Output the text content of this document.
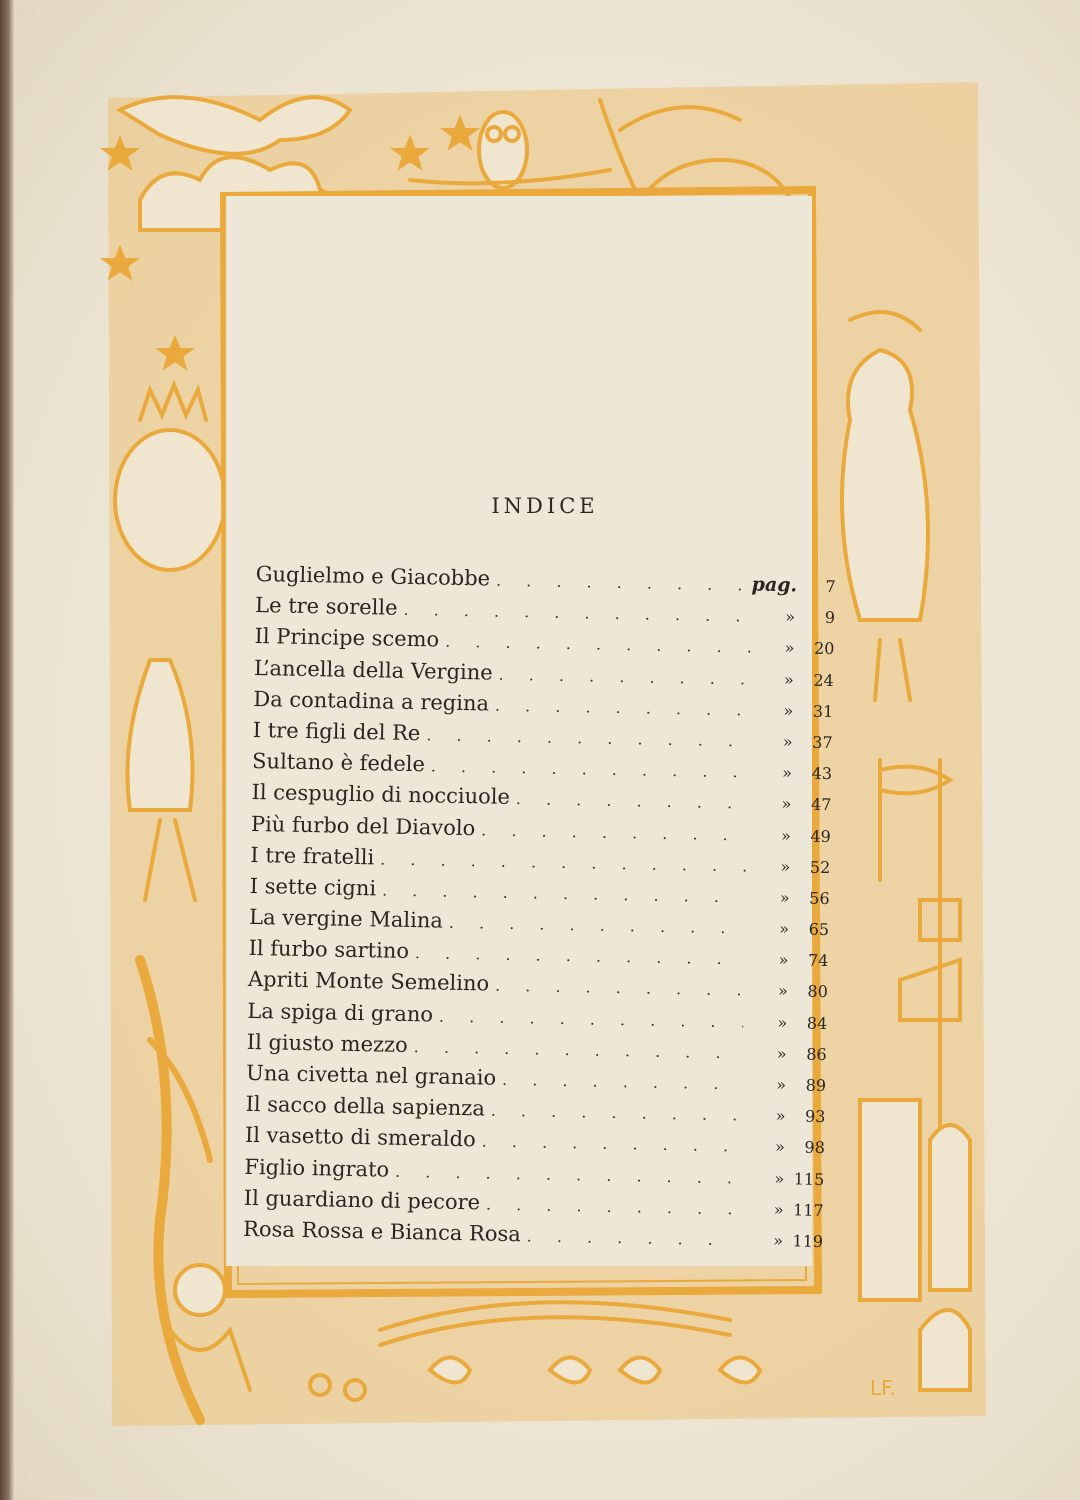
INDICE
Guglielmo e Giacobbe . . .	pag.	7
Le tre sorelle . . .	»	9
Il Principe scemo . . .	»	20
L’ancella della Vergine . . .	»	24
Da contadina a regina . . .	»	31
I tre figli del Re . . .	»	37
Sultano è fedele . . .	»	43
Il cespuglio di nocciuole . . .	»	47
Più furbo del Diavolo . . .	»	49
I tre fratelli . . .	»	52
I sette cigni . . .	»	56
La vergine Malina . . .	»	65
Il furbo sartino . . .	»	74
Apriti Monte Semelino . . .	»	80
La spiga di grano . . .	»	84
Il giusto mezzo . . .	»	86
Una civetta nel granaio . . .	»	89
Il sacco della sapienza . . .	»	93
Il vasetto di smeraldo . . .	»	98
Figlio ingrato . . .	» 115
Il guardiano di pecore . . .	» 117
Rosa Rossa e Bianca Rosa . . .	» 119
LF.
